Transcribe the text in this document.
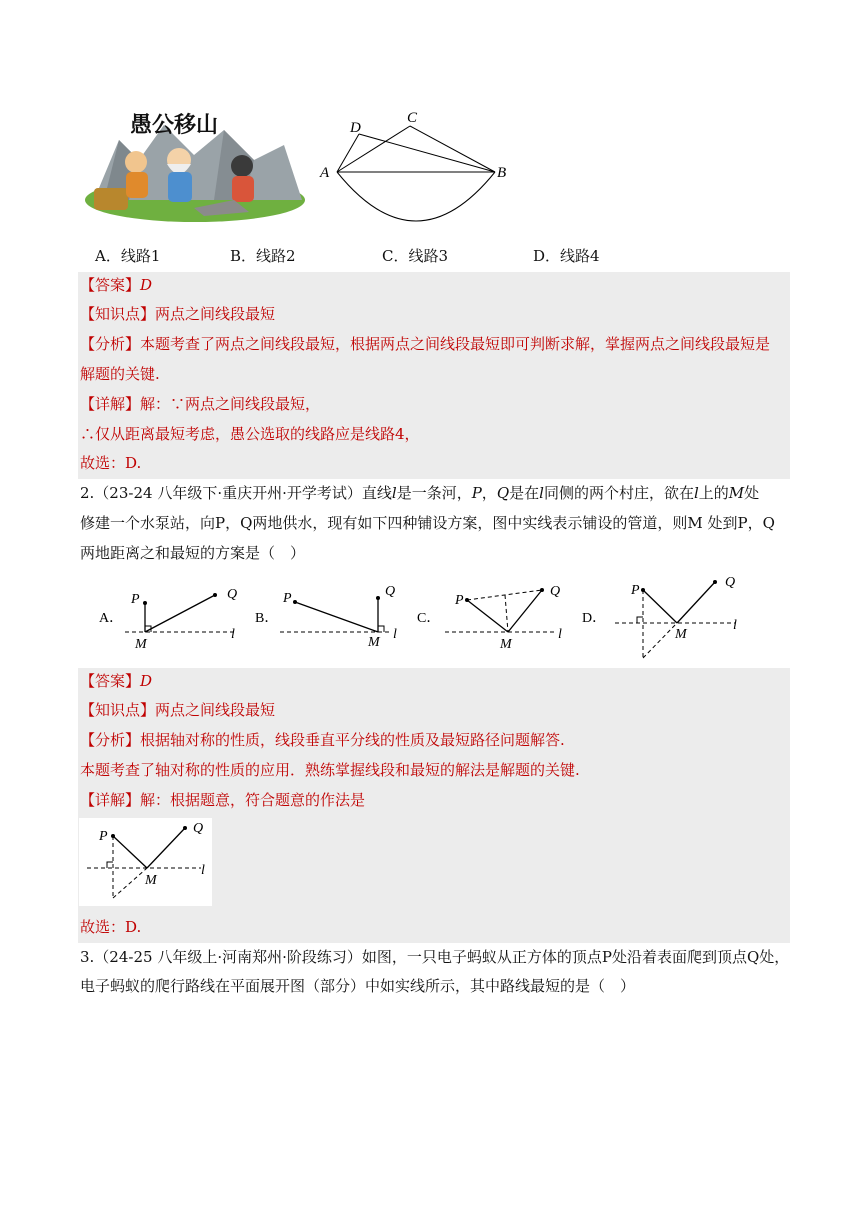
愚公移山
A	B
C
D
A．线路1	B．线路2	C．线路3	D．线路4
【答案】D
【知识点】两点之间线段最短
【分析】本题考查了两点之间线段最短，根据两点之间线段最短即可判断求解，掌握两点之间线段最短是
解题的关键.
【详解】解：∵两点之间线段最短，
∴仅从距离最短考虑，愚公选取的线路应是线路4，
故选：D.
2.（23-24 八年级下·重庆开州·开学考试）直线l是一条河，P，Q是在l同侧的两个村庄，欲在l上的M处
修建一个水泵站，向P，Q两地供水，现有如下四种铺设方案，图中实线表示铺设的管道，则M 处到P，Q
两地距离之和最短的方案是（　）
A．
P	Q
M
l
B．
P	Q
M
l
C．
P
Q
M
l
D．
P
Q
M
l
【答案】D
【知识点】两点之间线段最短
【分析】根据轴对称的性质，线段垂直平分线的性质及最短路径问题解答.
本题考查了轴对称的性质的应用．熟练掌握线段和最短的解法是解题的关键.
【详解】解：根据题意，符合题意的作法是
P
Q
M
l
故选：D.
3.（24-25 八年级上·河南郑州·阶段练习）如图，一只电子蚂蚁从正方体的顶点P处沿着表面爬到顶点Q处，
电子蚂蚁的爬行路线在平面展开图（部分）中如实线所示，其中路线最短的是（　）
